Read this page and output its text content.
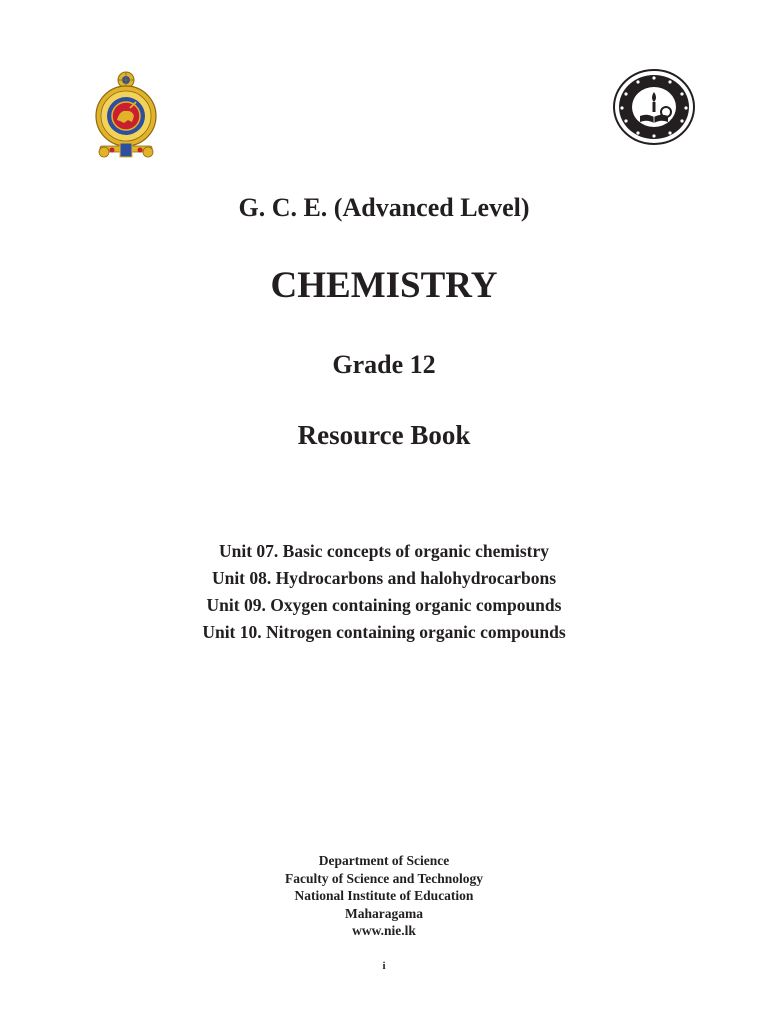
G. C. E. (Advanced Level)
CHEMISTRY
Grade 12
Resource Book
Unit 07. Basic concepts of organic chemistry
Unit 08. Hydrocarbons and halohydrocarbons
Unit 09. Oxygen containing organic compounds
Unit 10. Nitrogen containing organic compounds
Department of Science
Faculty of Science and Technology
National Institute of Education
Maharagama
www.nie.lk
i
